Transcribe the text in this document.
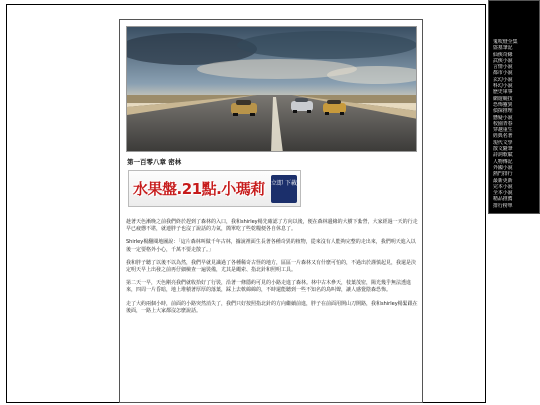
第一百零八章 密林
水果盤.21點.小瑪莉 立即 下載

趁著天色漸晚之前我們終於趕到了森林的入口，我和shirley楊先確認了方向以後，便在森林邊緣的大樹下紮營，大家經過一天的行走早已疲憊不堪，就連胖子也沒了說話的力氣，簡單吃了些乾糧便各自休息了。

Shirley楊翻閱地圖說：「這片森林叫做千年古林，據說裡面生長著各種奇異的植物，從來沒有人能夠完整的走出來，我們明天進入以後一定要格外小心，千萬不要走散了。」

我和胖子聽了以後不以為然，我們早就見識過了各種稀奇古怪的地方，區區一片森林又有什麼可怕的，不過出於謹慎起見，我還是決定明天早上出發之前再仔細檢查一遍裝備，尤其是繩索、指北針和照明工具。

第二天一早，天色剛亮我們就收拾好了行裝，沿著一條隱約可見的小路走進了森林。林中古木參天，枝葉茂密，陽光幾乎無法透進來，四周一片昏暗，地上堆積著厚厚的落葉，踩上去軟綿綿的，不時還能聽到一些不知名的鳥叫聲，讓人感覺陰森恐怖。

走了大約兩個小時，前面的小路突然消失了，我們只好按照指北針的方向繼續前進，胖子在前面用開山刀開路，我和shirley楊緊跟在後面，一路上大家都沒怎麼說話。

鬼吹燈全集
盜墓筆記
仙俠奇緣
武俠小說
言情小說
都市小說
玄幻小說
科幻小說
歷史軍事
網遊競技
恐怖靈異
偵探推理
懸疑小說
校園青春
穿越重生
經典名著
現代文學
散文隨筆
詩詞歌賦
人物傳記
外國小說
熱門排行
最新更新
完本小說
全本小說
精品推薦
排行榜單
